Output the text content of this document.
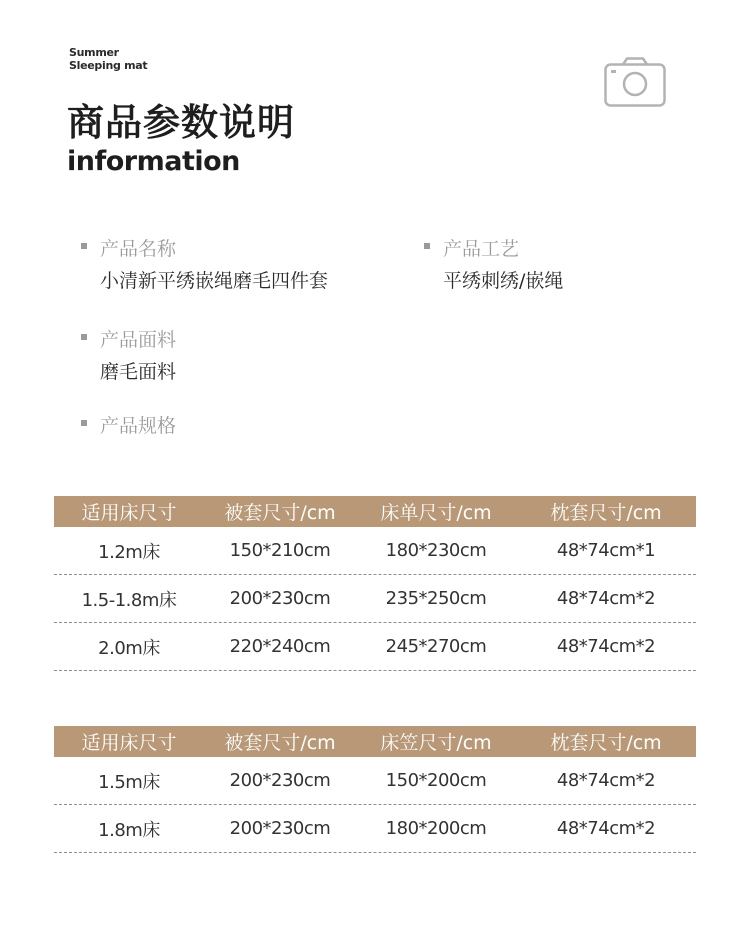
Summer
Sleeping mat
商品参数说明
information
产品名称
小清新平绣嵌绳磨毛四件套
产品工艺
平绣刺绣/嵌绳
产品面料
磨毛面料
产品规格
适用床尺寸	被套尺寸/cm	床单尺寸/cm	枕套尺寸/cm
1.2m床	150*210cm	180*230cm	48*74cm*1
1.5-1.8m床	200*230cm	235*250cm	48*74cm*2
2.0m床	220*240cm	245*270cm	48*74cm*2
适用床尺寸	被套尺寸/cm	床笠尺寸/cm	枕套尺寸/cm
1.5m床	200*230cm	150*200cm	48*74cm*2
1.8m床	200*230cm	180*200cm	48*74cm*2
